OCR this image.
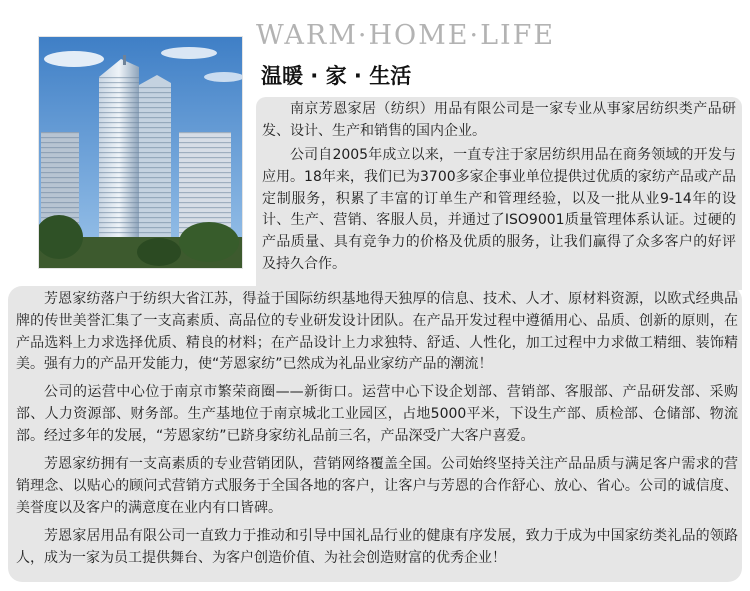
WARM·HOME·LIFE
温暖 · 家 · 生活

南京芳恩家居（纺织）用品有限公司是一家专业从事家居纺织类产品研发、设计、生产和销售的国内企业。

公司自2005年成立以来，一直专注于家居纺织用品在商务领域的开发与应用。18年来，我们已为3700多家企事业单位提供过优质的家纺产品或产品定制服务，积累了丰富的订单生产和管理经验，以及一批从业9-14年的设计、生产、营销、客服人员，并通过了ISO9001质量管理体系认证。过硬的产品质量、具有竞争力的价格及优质的服务，让我们赢得了众多客户的好评及持久合作。

芳恩家纺落户于纺织大省江苏，得益于国际纺织基地得天独厚的信息、技术、人才、原材料资源，以欧式经典品牌的传世美誉汇集了一支高素质、高品位的专业研发设计团队。在产品开发过程中遵循用心、品质、创新的原则，在产品选料上力求选择优质、精良的材料；在产品设计上力求独特、舒适、人性化，加工过程中力求做工精细、装饰精美。强有力的产品开发能力，使“芳恩家纺”已然成为礼品业家纺产品的潮流！

公司的运营中心位于南京市繁荣商圈——新街口。运营中心下设企划部、营销部、客服部、产品研发部、采购部、人力资源部、财务部。生产基地位于南京城北工业园区，占地5000平米，下设生产部、质检部、仓储部、物流部。经过多年的发展，“芳恩家纺”已跻身家纺礼品前三名，产品深受广大客户喜爱。

芳恩家纺拥有一支高素质的专业营销团队，营销网络覆盖全国。公司始终坚持关注产品品质与满足客户需求的营销理念、以贴心的顾问式营销方式服务于全国各地的客户，让客户与芳恩的合作舒心、放心、省心。公司的诚信度、美誉度以及客户的满意度在业内有口皆碑。

芳恩家居用品有限公司一直致力于推动和引导中国礼品行业的健康有序发展，致力于成为中国家纺类礼品的领路人，成为一家为员工提供舞台、为客户创造价值、为社会创造财富的优秀企业！
